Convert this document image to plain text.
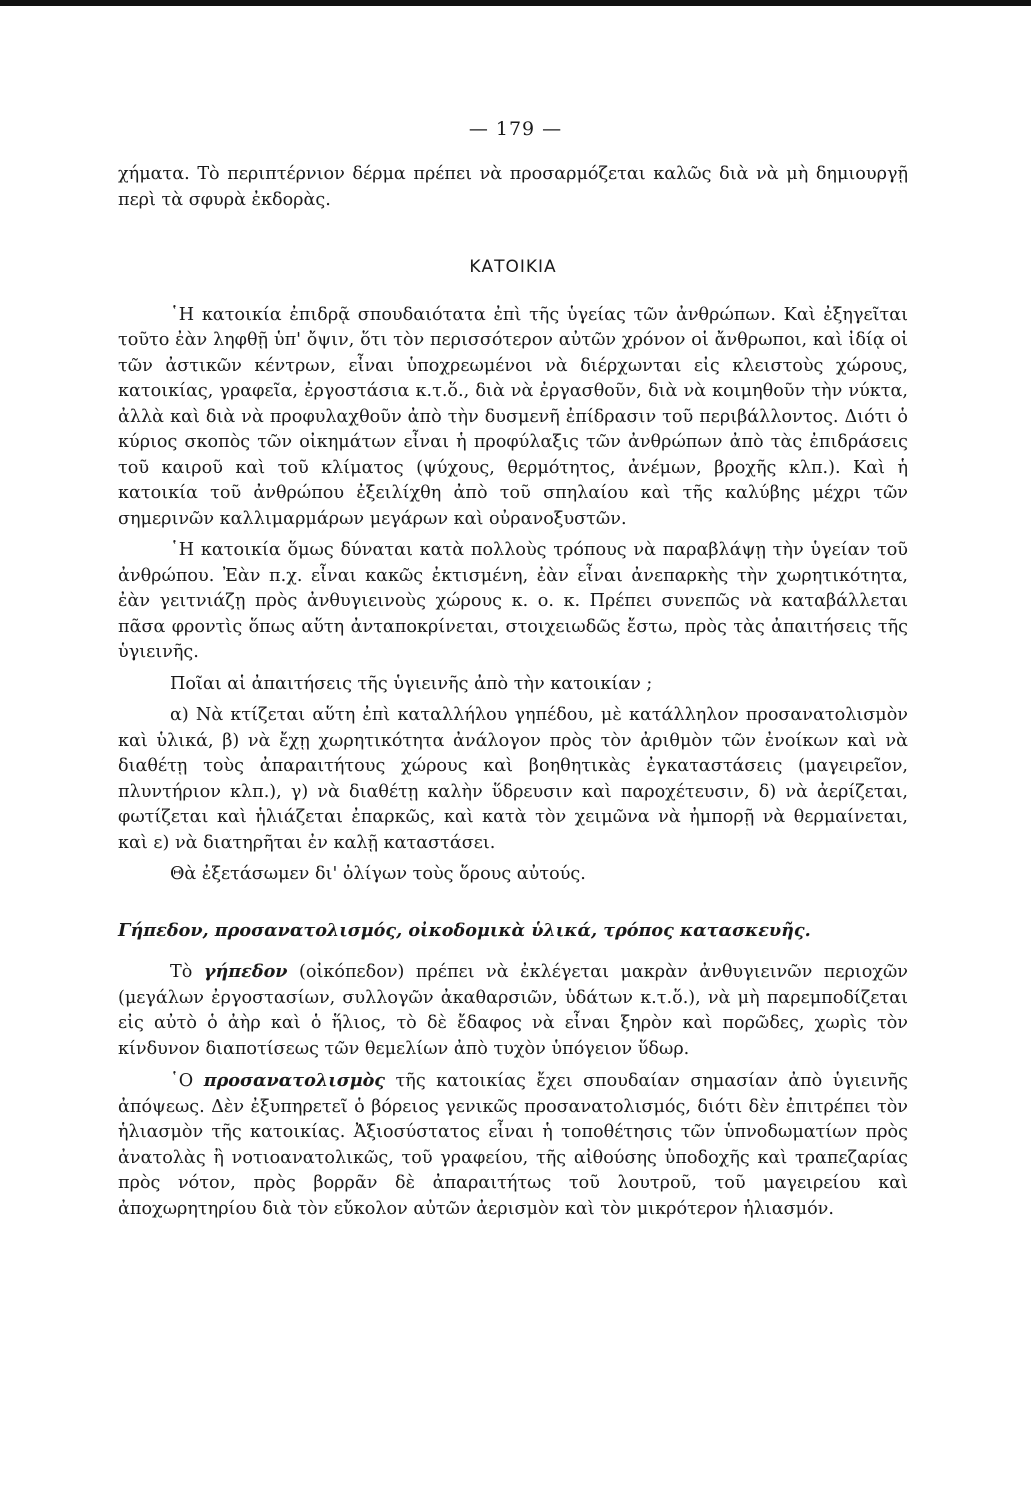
— 179 —

χήματα. Τὸ περιπτέρνιον δέρμα πρέπει νὰ προσαρμόζεται καλῶς διὰ νὰ μὴ δημιουργῇ περὶ τὰ σφυρὰ ἐκδορὰς.

ΚΑΤΟΙΚΙΑ

῾Η κατοικία ἐπιδρᾷ σπουδαιότατα ἐπὶ τῆς ὑγείας τῶν ἀνθρώπων. Καὶ ἐξηγεῖται τοῦτο ἐὰν ληφθῇ ὑπ' ὄψιν, ὅτι τὸν περισσότερον αὐτῶν χρόνον οἱ ἄνθρωποι, καὶ ἰδίᾳ οἱ τῶν ἀστικῶν κέντρων, εἶναι ὑποχρεωμένοι νὰ διέρχωνται εἰς κλειστοὺς χώρους, κατοικίας, γραφεῖα, ἐργοστάσια κ.τ.ὅ., διὰ νὰ ἐργασθοῦν, διὰ νὰ κοιμηθοῦν τὴν νύκτα, ἀλλὰ καὶ διὰ νὰ προφυλαχθοῦν ἀπὸ τὴν δυσμενῆ ἐπίδρασιν τοῦ περιβάλλοντος. Διότι ὁ κύριος σκοπὸς τῶν οἰκημάτων εἶναι ἡ προφύλαξις τῶν ἀνθρώπων ἀπὸ τὰς ἐπιδράσεις τοῦ καιροῦ καὶ τοῦ κλίματος (ψύχους, θερμότητος, ἀνέμων, βροχῆς κλπ.). Καὶ ἡ κατοικία τοῦ ἀνθρώπου ἐξειλίχθη ἀπὸ τοῦ σπηλαίου καὶ τῆς καλύβης μέχρι τῶν σημερινῶν καλλιμαρμάρων μεγάρων καὶ οὐρανοξυστῶν.

῾Η κατοικία ὅμως δύναται κατὰ πολλοὺς τρόπους νὰ παραβλάψῃ τὴν ὑγείαν τοῦ ἀνθρώπου. Ἐὰν π.χ. εἶναι κακῶς ἐκτισμένη, ἐὰν εἶναι ἀνεπαρκὴς τὴν χωρητικότητα, ἐὰν γειτνιάζῃ πρὸς ἀνθυγιεινοὺς χώρους κ. ο. κ. Πρέπει συνεπῶς νὰ καταβάλλεται πᾶσα φροντὶς ὅπως αὕτη ἀνταποκρίνεται, στοιχειωδῶς ἔστω, πρὸς τὰς ἀπαιτήσεις τῆς ὑγιεινῆς.

Ποῖαι αἱ ἀπαιτήσεις τῆς ὑγιεινῆς ἀπὸ τὴν κατοικίαν ;

α) Νὰ κτίζεται αὕτη ἐπὶ καταλλήλου γηπέδου, μὲ κατάλληλον προσανατολισμὸν καὶ ὑλικά, β) νὰ ἔχῃ χωρητικότητα ἀνάλογον πρὸς τὸν ἀριθμὸν τῶν ἐνοίκων καὶ νὰ διαθέτῃ τοὺς ἀπαραιτήτους χώρους καὶ βοηθητικὰς ἐγκαταστάσεις (μαγειρεῖον, πλυντήριον κλπ.), γ) νὰ διαθέτῃ καλὴν ὕδρευσιν καὶ παροχέτευσιν, δ) νὰ ἀερίζεται, φωτίζεται καὶ ἡλιάζεται ἐπαρκῶς, καὶ κατὰ τὸν χειμῶνα νὰ ἠμπορῇ νὰ θερμαίνεται, καὶ ε) νὰ διατηρῆται ἐν καλῇ καταστάσει.

Θὰ ἐξετάσωμεν δι' ὀλίγων τοὺς ὅρους αὐτούς.

Γήπεδον, προσανατολισμός, οἰκοδομικὰ ὑλικά, τρόπος κατασκευῆς.

Τὸ γήπεδον (οἰκόπεδον) πρέπει νὰ ἐκλέγεται μακρὰν ἀνθυγιεινῶν περιοχῶν (μεγάλων ἐργοστασίων, συλλογῶν ἀκαθαρσιῶν, ὑδάτων κ.τ.ὅ.), νὰ μὴ παρεμποδίζεται εἰς αὐτὸ ὁ ἀὴρ καὶ ὁ ἥλιος, τὸ δὲ ἔδαφος νὰ εἶναι ξηρὸν καὶ πορῶδες, χωρὶς τὸν κίνδυνον διαποτίσεως τῶν θεμελίων ἀπὸ τυχὸν ὑπόγειον ὕδωρ.

῾Ο προσανατολισμὸς τῆς κατοικίας ἔχει σπουδαίαν σημασίαν ἀπὸ ὑγιεινῆς ἀπόψεως. Δὲν ἐξυπηρετεῖ ὁ βόρειος γενικῶς προσανατολισμός, διότι δὲν ἐπιτρέπει τὸν ἡλιασμὸν τῆς κατοικίας. Ἀξιοσύστατος εἶναι ἡ τοποθέτησις τῶν ὑπνοδωματίων πρὸς ἀνατολὰς ἢ νοτιοανατολικῶς, τοῦ γραφείου, τῆς αἰθούσης ὑποδοχῆς καὶ τραπεζαρίας πρὸς νότον, πρὸς βορρᾶν δὲ ἀπαραιτήτως τοῦ λουτροῦ, τοῦ μαγειρείου καὶ ἀποχωρητηρίου διὰ τὸν εὔκολον αὐτῶν ἀερισμὸν καὶ τὸν μικρότερον ἡλιασμόν.
